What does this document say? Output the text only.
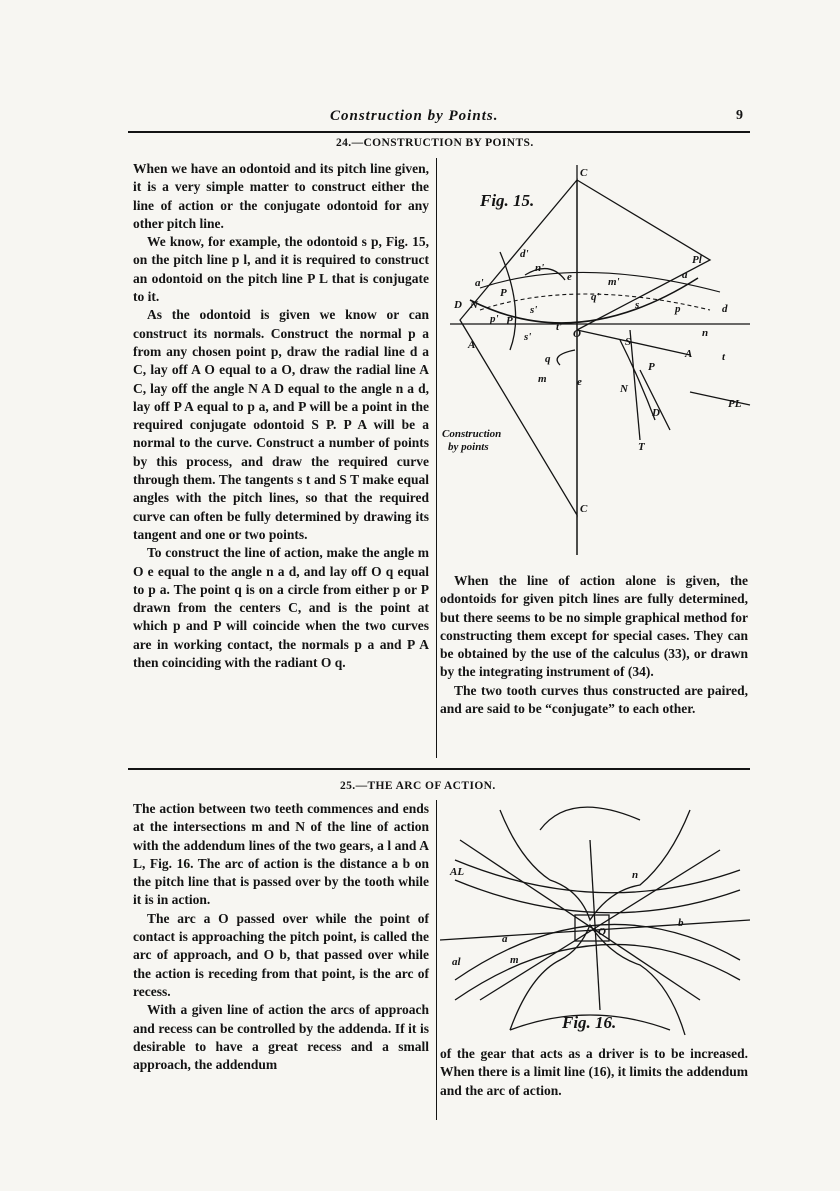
Construction by Points.	9
24.—CONSTRUCTION BY POINTS.

When we have an odontoid and its pitch line given, it is a very simple matter to construct either the line of action or the conjugate odontoid for any other pitch line.

We know, for example, the odontoid s p, Fig. 15, on the pitch line p l, and it is required to construct an odontoid on the pitch line P L that is conjugate to it.

As the odontoid is given we know or can construct its normals. Construct the normal p a from any chosen point p, draw the radial line d a C, lay off A O equal to a O, draw the radial line A C, lay off the angle N A D equal to the angle n a d, lay off P A equal to p a, and P will be a point in the required conjugate odontoid S P. P A will be a normal to the curve. Construct a number of points by this process, and draw the required curve through them. The tangents s t and S T make equal angles with the pitch lines, so that the required curve can often be fully determined by drawing its tangent and one or two points.

To construct the line of action, make the angle m O e equal to the angle n a d, and lay off O q equal to p a. The point q is on a circle from either p or P drawn from the centers C, and is the point at which p and P will coincide when the two curves are in working contact, the normals p a and P A then coinciding with the radiant O q.

Fig. 15.
Construction
by points
C
C
d'
n'
a'
P
e	m'
q'
Pl
a
D N	s'	s	p	d
p'
s'	O	n
S
q	A	t
m	e
N
P
A
PL
D
T
P	t'

When the line of action alone is given, the odontoids for given pitch lines are fully determined, but there seems to be no simple graphical method for constructing them except for special cases. They can be obtained by the use of the calculus (33), or drawn by the integrating instrument of (34).

The two tooth curves thus constructed are paired, and are said to be “conjugate” to each other.

25.—THE ARC OF ACTION.

The action between two teeth commences and ends at the intersections m and N of the line of action with the addendum lines of the two gears, a l and A L, Fig. 16. The arc of action is the distance a b on the pitch line that is passed over by the tooth while it is in action.

The arc a O passed over while the point of contact is approaching the pitch point, is called the arc of approach, and O b, that passed over while the action is receding from that point, is the arc of recess.

With a given line of action the arcs of approach and recess can be controlled by the addenda. If it is desirable to have a great recess and a small approach, the addendum

AL	n
b
O
a
al	m
Fig. 16.

of the gear that acts as a driver is to be increased. When there is a limit line (16), it limits the addendum and the arc of action.
